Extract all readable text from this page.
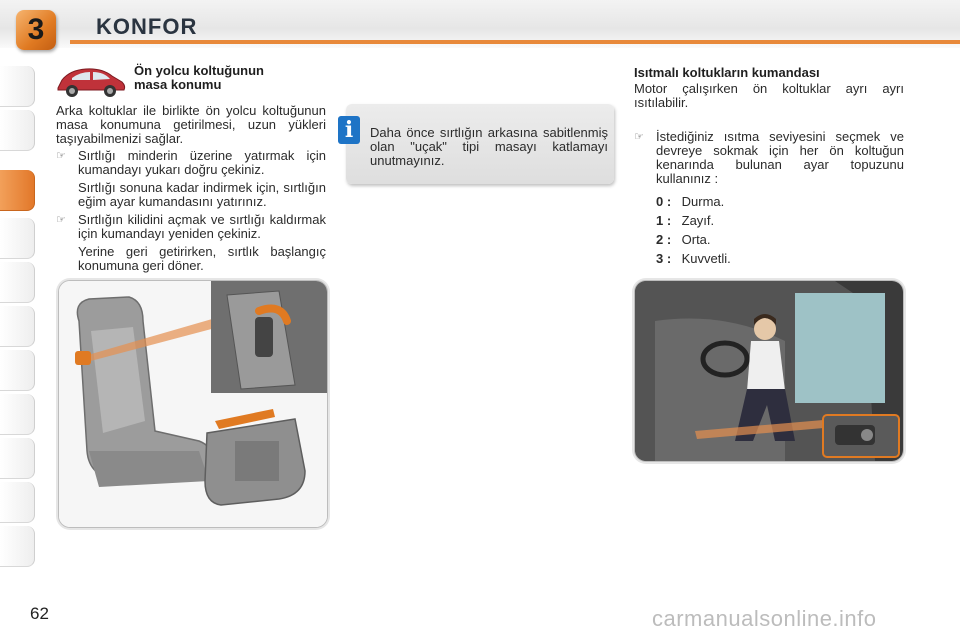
3	KONFOR
Ön yolcu koltuğunun
masa konumu
Arka koltuklar ile birlikte ön yolcu koltuğunun masa konumuna getirilmesi, uzun yükleri taşıyabilmenizi sağlar.
☞ Sırtlığı minderin üzerine yatırmak için kumandayı yukarı doğru çekiniz.
Sırtlığı sonuna kadar indirmek için, sırtlığın eğim ayar kumandasını yatırınız.
☞ Sırtlığın kilidini açmak ve sırtlığı kaldırmak için kumandayı yeniden çekiniz.
Yerine geri getirirken, sırtlık başlangıç konumuna geri döner.
i	Daha önce sırtlığın arkasına sabitlenmiş olan "uçak" tipi masayı katlamayı unutmayınız.
Isıtmalı koltukların kumandası
Motor çalışırken ön koltuklar ayrı ayrı ısıtılabilir.
☞ İstediğiniz ısıtma seviyesini seçmek ve devreye sokmak için her ön koltuğun kenarında bulunan ayar topuzunu kullanınız :
0 : Durma.
1 : Zayıf.
2 : Orta.
3 : Kuvvetli.
62	carmanualsonline.info
